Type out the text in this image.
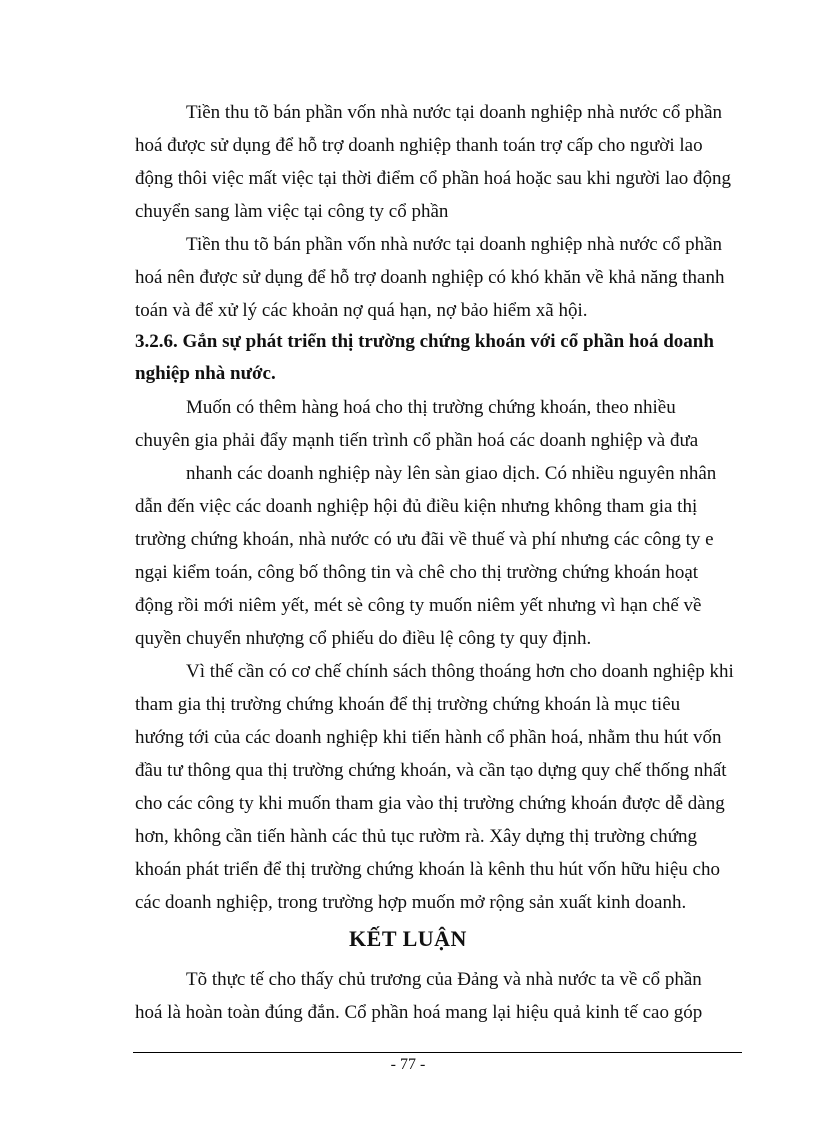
Tiền thu tõ bán phần vốn nhà nước tại doanh nghiệp nhà nước cổ phần
hoá được sử dụng để hỗ trợ doanh nghiệp thanh toán trợ cấp cho người lao
động thôi việc mất việc tại thời điểm cổ phần hoá hoặc sau khi người lao động
chuyển sang làm việc tại công ty cổ phần
Tiền thu tõ bán phần vốn nhà nước tại doanh nghiệp nhà nước cổ phần
hoá nên được sử dụng để hỗ trợ doanh nghiệp có khó khăn về khả năng thanh
toán và để xử lý các khoản nợ quá hạn, nợ bảo hiểm xã hội.
3.2.6. Gắn sự phát triển thị trường chứng khoán với cổ phần hoá doanh
nghiệp nhà nước.
Muốn có thêm hàng hoá cho thị trường chứng khoán, theo nhiều
chuyên gia phải đẩy mạnh tiến trình cổ phần hoá các doanh nghiệp và đưa
nhanh các doanh nghiệp này lên sàn giao dịch. Có nhiều nguyên nhân
dẫn đến việc các doanh nghiệp hội đủ điều kiện nhưng không tham gia thị
trường chứng khoán, nhà nước có ưu đãi về thuế và phí nhưng các công ty e
ngại kiểm toán, công bố thông tin và chê cho thị trường chứng khoán hoạt
động rồi mới niêm yết, mét sè công ty muốn niêm yết nhưng vì hạn chế về
quyền chuyển nhượng cổ phiếu do điều lệ công ty quy định.
Vì thế cần có cơ chế chính sách thông thoáng hơn cho doanh nghiệp khi
tham gia thị trường chứng khoán để thị trường chứng khoán là mục tiêu
hướng tới của các doanh nghiệp khi tiến hành cổ phần hoá, nhằm thu hút vốn
đầu tư thông qua thị trường chứng khoán, và cần tạo dựng quy chế thống nhất
cho các công ty khi muốn tham gia vào thị trường chứng khoán được dễ dàng
hơn, không cần tiến hành các thủ tục rườm rà. Xây dựng thị trường chứng
khoán phát triển để thị trường chứng khoán là kênh thu hút vốn hữu hiệu cho
các doanh nghiệp, trong trường hợp muốn mở rộng sản xuất kinh doanh.
KẾT LUẬN
Tõ thực tế cho thấy chủ trương của Đảng và nhà nước ta về cổ phần
hoá là hoàn toàn đúng đắn. Cổ phần hoá mang lại hiệu quả kinh tế cao góp
- 77 -
